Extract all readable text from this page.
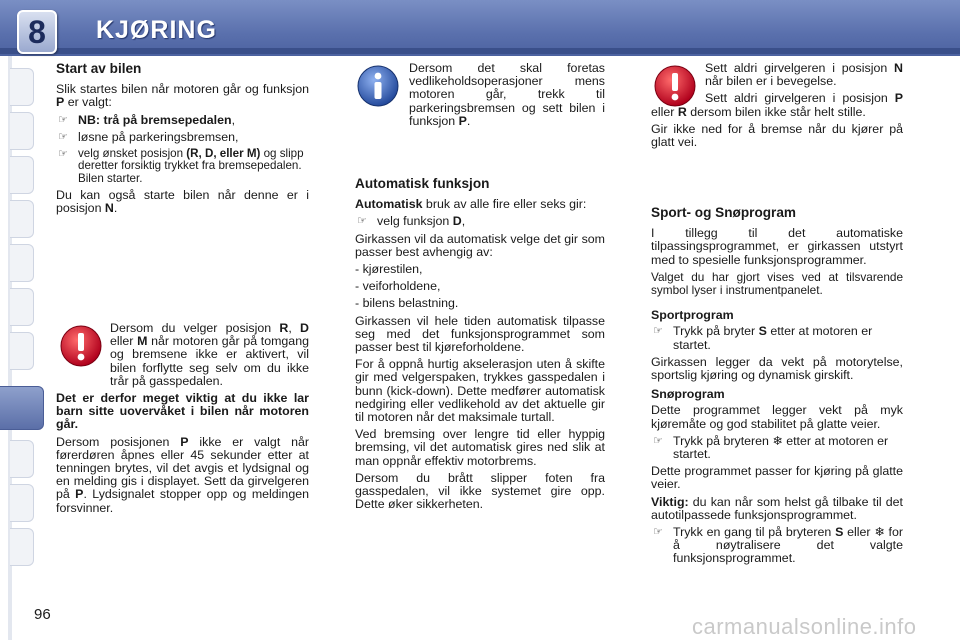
8	KJØRING
Start av bilen

Slik startes bilen når motoren går og funksjon P er valgt:

☞ NB: trå på bremsepedalen,
☞ løsne på parkeringsbremsen,
☞ velg ønsket posisjon (R, D, eller M) og slipp deretter forsiktig trykket fra bremsepedalen. Bilen starter.

Du kan også starte bilen når denne er i posisjon N.

Dersom du velger posisjon R, D eller M når motoren går på tomgang og bremsene ikke er aktivert, vil bilen forflytte seg selv om du ikke trår på gasspedalen.

Det er derfor meget viktig at du ikke lar barn sitte uovervåket i bilen når motoren går.

Dersom posisjonen P ikke er valgt når førerdøren åpnes eller 45 sekunder etter at tenningen brytes, vil det avgis et lydsignal og en melding gis i displayet. Sett da girvelgeren på P. Lydsignalet stopper opp og meldingen forsvinner.

Dersom det skal foretas vedlikeholdsoperasjoner mens motoren går, trekk til parkeringsbremsen og sett bilen i funksjon P.

Automatisk funksjon

Automatisk bruk av alle fire eller seks gir:

☞ velg funksjon D,

Girkassen vil da automatisk velge det gir som passer best avhengig av:

- kjørestilen,

- veiforholdene,

- bilens belastning.

Girkassen vil hele tiden automatisk tilpasse seg med det funksjonsprogrammet som passer best til kjøreforholdene.

For å oppnå hurtig akselerasjon uten å skifte gir med velgerspaken, trykkes gasspedalen i bunn (kick-down). Dette medfører automatisk nedgiring eller vedlikehold av det aktuelle gir til motoren når det maksimale turtall.

Ved bremsing over lengre tid eller hyppig bremsing, vil det automatisk gires ned slik at man oppnår effektiv motorbrems.

Dersom du brått slipper foten fra gasspedalen, vil ikke systemet gire opp. Dette øker sikkerheten.

Sett aldri girvelgeren i posisjon N når bilen er i bevegelse.

Sett aldri girvelgeren i posisjon P eller R dersom bilen ikke står helt stille.

Gir ikke ned for å bremse når du kjører på glatt vei.

Sport- og Snøprogram

I tillegg til det automatiske tilpassingsprogrammet, er girkassen utstyrt med to spesielle funksjonsprogrammer.

Valget du har gjort vises ved at tilsvarende symbol lyser i instrumentpanelet.

Sportprogram
☞ Trykk på bryter S etter at motoren er startet.

Girkassen legger da vekt på motorytelse, sportslig kjøring og dynamisk girskift.

Snøprogram

Dette programmet legger vekt på myk kjøremåte og god stabilitet på glatte veier.

☞ Trykk på bryteren ❄ etter at motoren er startet.

Dette programmet passer for kjøring på glatte veier.

Viktig: du kan når som helst gå tilbake til det autotilpassede funksjonsprogrammet.

☞ Trykk en gang til på bryteren S eller ❄ for å nøytralisere det valgte funksjonsprogrammet.
96	carmanualsonline.info
